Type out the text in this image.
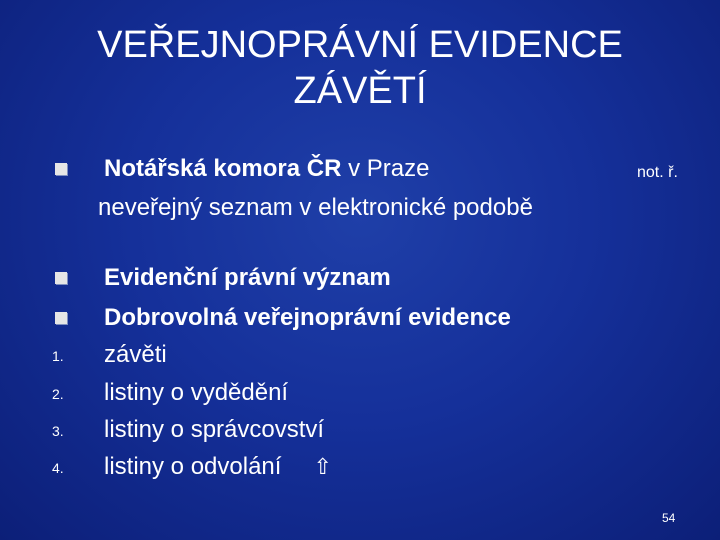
VEŘEJNOPRÁVNÍ EVIDENCE
ZÁVĚTÍ
Notářská komora ČR v Praze
neveřejný seznam v elektronické podobě
not. ř.
Evidenční právní význam
Dobrovolná veřejnoprávní evidence
1. závěti
2. listiny o vydědění
3. listiny o správcovství
4. listiny o odvolání ⇧
54
